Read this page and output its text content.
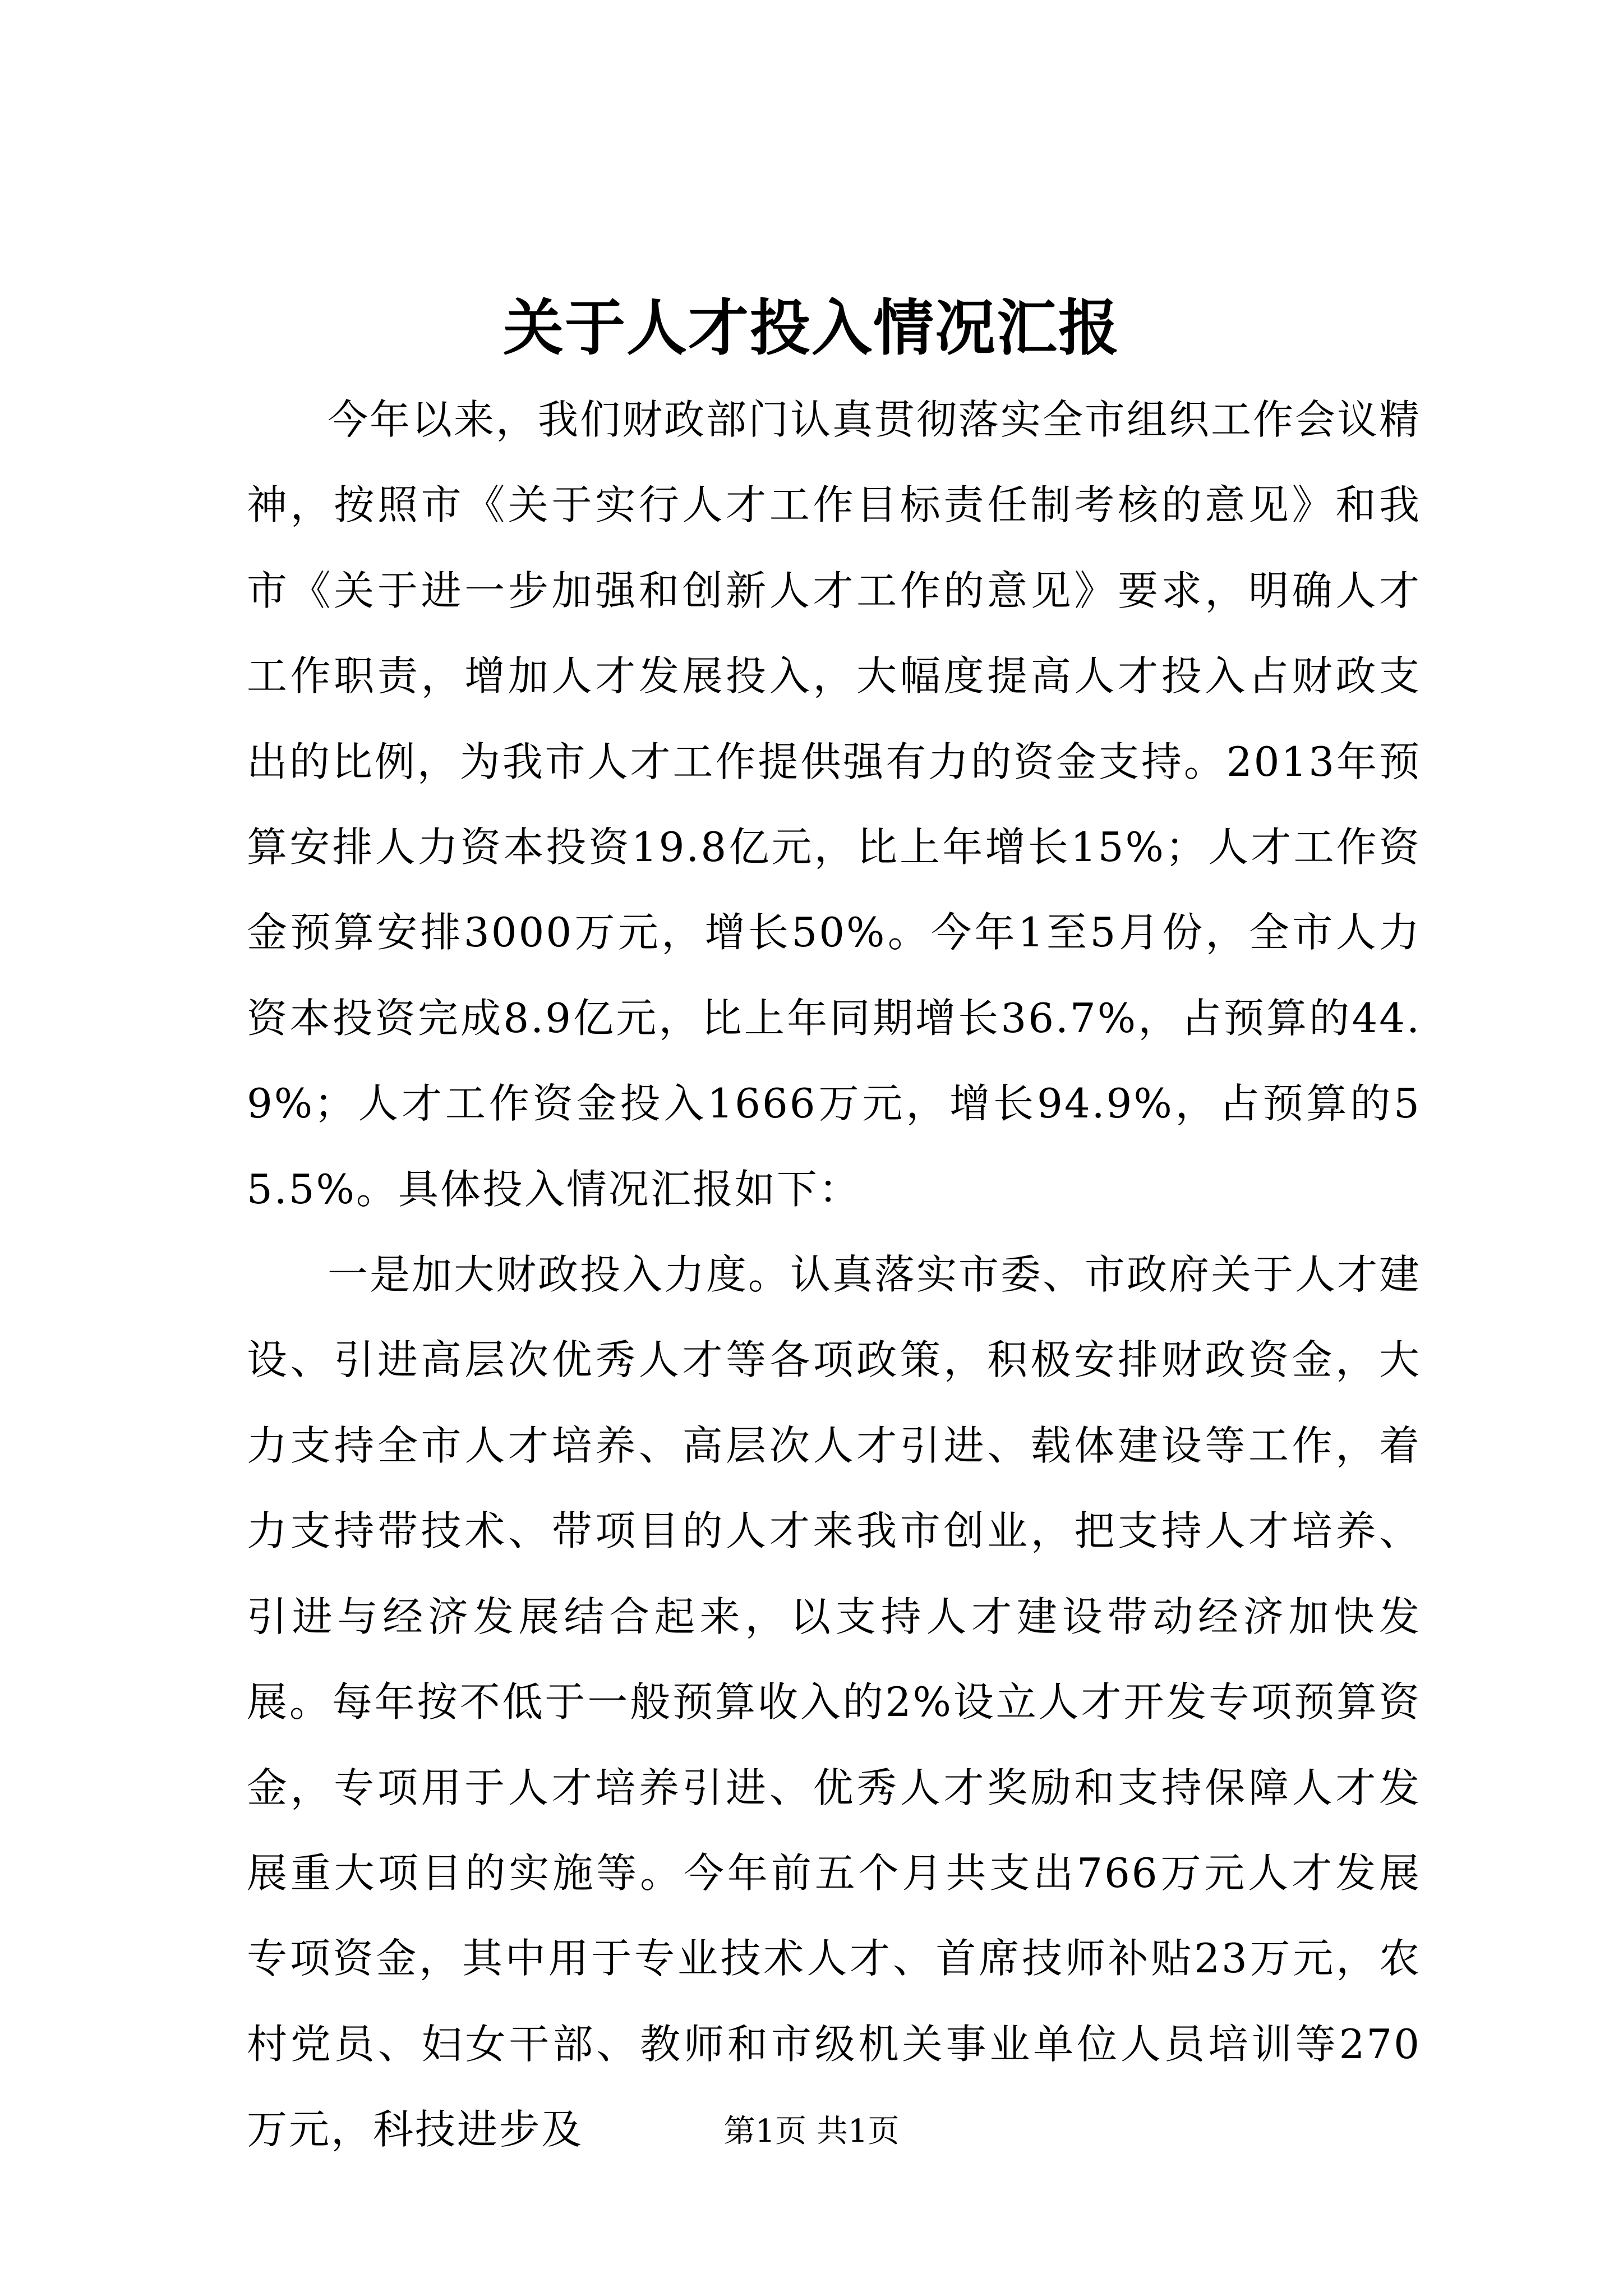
关于人才投入情况汇报

今年以来，我们财政部门认真贯彻落实全市组织工作会议精神，按照市《关于实行人才工作目标责任制考核的意见》和我市《关于进一步加强和创新人才工作的意见》要求，明确人才工作职责，增加人才发展投入，大幅度提高人才投入占财政支出的比例，为我市人才工作提供强有力的资金支持。2013年预算安排人力资本投资19.8亿元，比上年增长15%；人才工作资金预算安排3000万元，增长50%。今年1至5月份，全市人力资本投资完成8.9亿元，比上年同期增长36.7%，占预算的44.9%；人才工作资金投入1666万元，增长94.9%，占预算的55.5%。具体投入情况汇报如下：

一是加大财政投入力度。认真落实市委、市政府关于人才建设、引进高层次优秀人才等各项政策，积极安排财政资金，大力支持全市人才培养、高层次人才引进、载体建设等工作，着力支持带技术、带项目的人才来我市创业，把支持人才培养、引进与经济发展结合起来，以支持人才建设带动经济加快发展。每年按不低于一般预算收入的2%设立人才开发专项预算资金，专项用于人才培养引进、优秀人才奖励和支持保障人才发展重大项目的实施等。今年前五个月共支出766万元人才发展专项资金，其中用于专业技术人才、首席技师补贴23万元，农村党员、妇女干部、教师和市级机关事业单位人员培训等270万元，科技进步及	第1页 共1页
